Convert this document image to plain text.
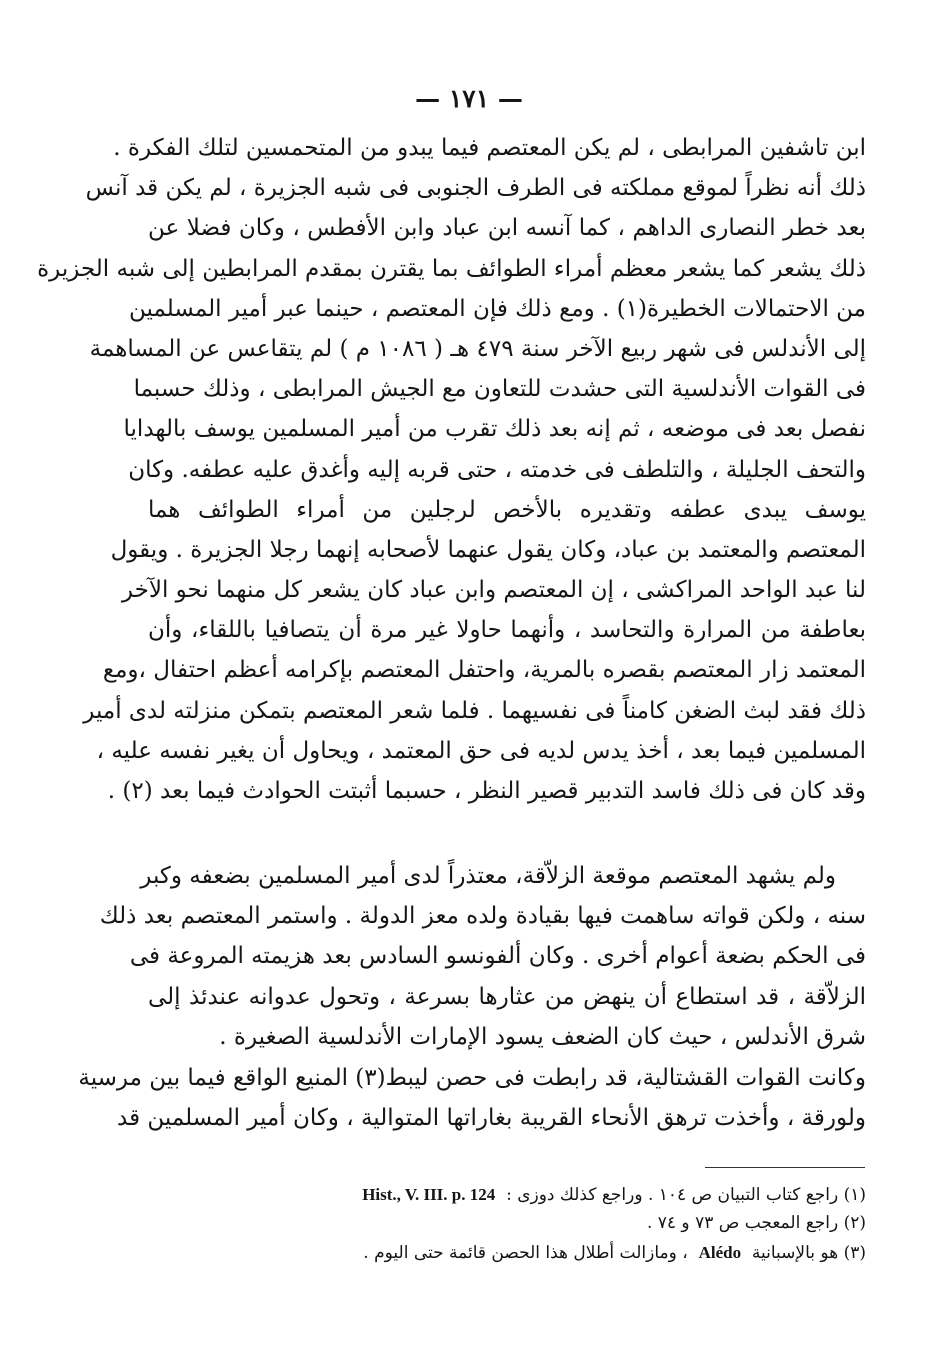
— ١٧١ —
ابن تاشفين المرابطى ، لم يكن المعتصم فيما يبدو من المتحمسين لتلك الفكرة .
ذلك أنه نظراً لموقع مملكته فى الطرف الجنوبى فى شبه الجزيرة ، لم يكن قد آنس
بعد خطر النصارى الداهم ، كما آنسه ابن عباد وابن الأفطس ، وكان فضلا عن
ذلك يشعر كما يشعر معظم أمراء الطوائف بما يقترن بمقدم المرابطين إلى شبه الجزيرة
من الاحتمالات الخطيرة(١) . ومع ذلك فإن المعتصم ، حينما عبر أمير المسلمين
إلى الأندلس فى شهر ربيع الآخر سنة ٤٧٩ هـ ( ١٠٨٦ م ) لم يتقاعس عن المساهمة
فى القوات الأندلسية التى حشدت للتعاون مع الجيش المرابطى ، وذلك حسبما
نفصل بعد فى موضعه ، ثم إنه بعد ذلك تقرب من أمير المسلمين يوسف بالهدايا
والتحف الجليلة ، والتلطف فى خدمته ، حتى قربه إليه وأغدق عليه عطفه. وكان
يوسف يبدى عطفه وتقديره بالأخص لرجلين من أمراء الطوائف هما
المعتصم والمعتمد بن عباد، وكان يقول عنهما لأصحابه إنهما رجلا الجزيرة . ويقول
لنا عبد الواحد المراكشى ، إن المعتصم وابن عباد كان يشعر كل منهما نحو الآخر
بعاطفة من المرارة والتحاسد ، وأنهما حاولا غير مرة أن يتصافيا باللقاء، وأن
المعتمد زار المعتصم بقصره بالمرية، واحتفل المعتصم بإكرامه أعظم احتفال ،ومع
ذلك فقد لبث الضغن كامناً فى نفسيهما . فلما شعر المعتصم بتمكن منزلته لدى أمير
المسلمين فيما بعد ، أخذ يدس لديه فى حق المعتمد ، ويحاول أن يغير نفسه عليه ،
وقد كان فى ذلك فاسد التدبير قصير النظر ، حسبما أثبتت الحوادث فيما بعد (٢) .
ولم يشهد المعتصم موقعة الزلاّقة، معتذراً لدى أمير المسلمين بضعفه وكبر
سنه ، ولكن قواته ساهمت فيها بقيادة ولده معز الدولة . واستمر المعتصم بعد ذلك
فى الحكم بضعة أعوام أخرى . وكان ألفونسو السادس بعد هزيمته المروعة فى
الزلاّقة ، قد استطاع أن ينهض من عثارها بسرعة ، وتحول عدوانه عندئذ إلى
شرق الأندلس ، حيث كان الضعف يسود الإمارات الأندلسية الصغيرة .
وكانت القوات القشتالية، قد رابطت فى حصن ليبط(٣) المنيع الواقع فيما بين مرسية
ولورقة ، وأخذت ترهق الأنحاء القريبة بغاراتها المتوالية ، وكان أمير المسلمين قد
(١) راجع كتاب التبيان ص ١٠٤ . وراجع كذلك دوزى :  Hist., V. III. p. 124
(٢) راجع المعجب ص ٧٣ و ٧٤ .
(٣) هو بالإسبانية  Alédo  ، ومازالت أطلال هذا الحصن قائمة حتى اليوم .
